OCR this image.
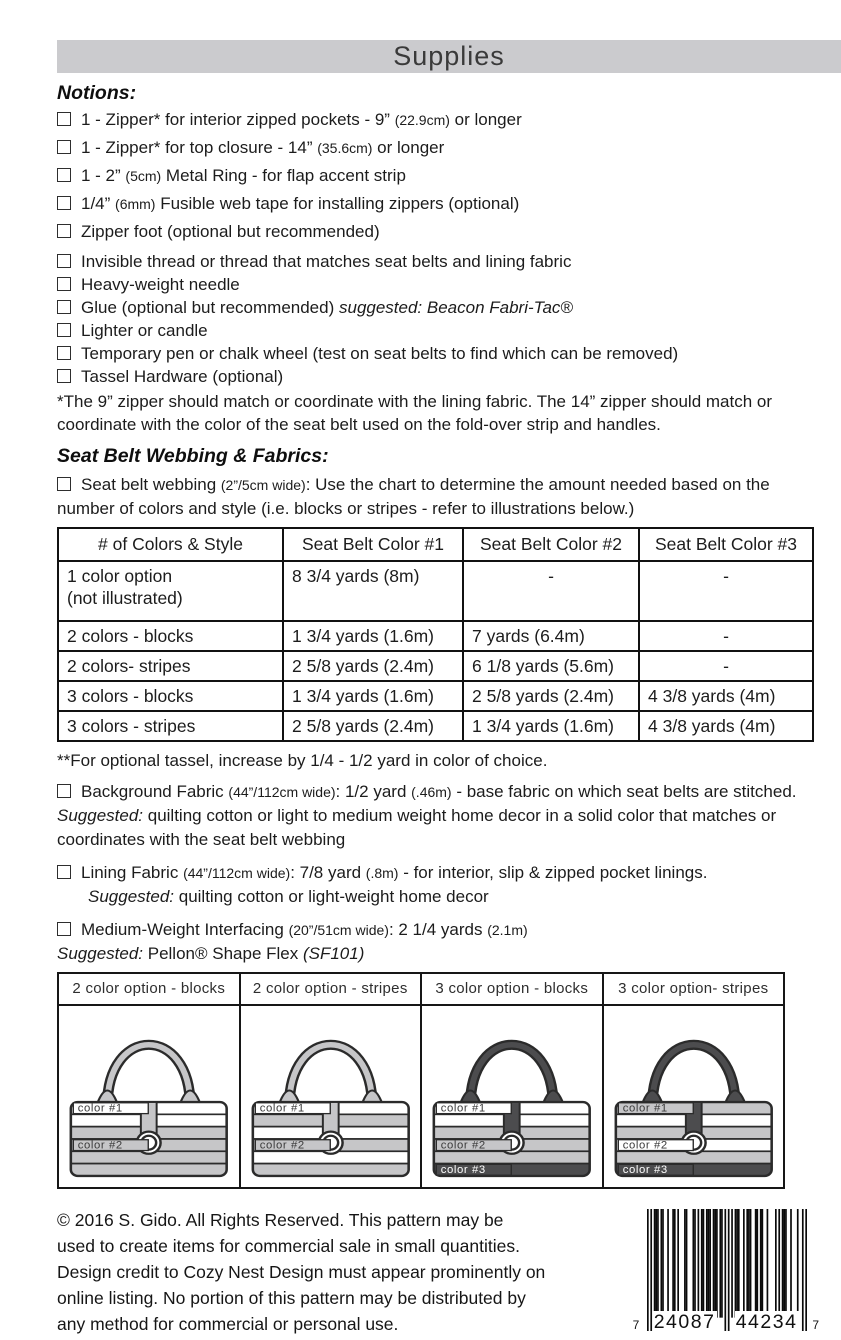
Supplies
Notions:
1 - Zipper* for interior zipped pockets - 9” (22.9cm) or longer
1 - Zipper* for top closure - 14” (35.6cm) or longer
1 - 2” (5cm) Metal Ring - for flap accent strip
1/4” (6mm) Fusible web tape for installing zippers (optional)
Zipper foot (optional but recommended)
Invisible thread or thread that matches seat belts and lining fabric
Heavy-weight needle
Glue (optional but recommended) suggested: Beacon Fabri-Tac®
Lighter or candle
Temporary pen or chalk wheel (test on seat belts to find which can be removed)
Tassel Hardware (optional)
*The 9” zipper should match or coordinate with the lining fabric. The 14” zipper should match or coordinate with the color of the seat belt used on the fold-over strip and handles.
Seat Belt Webbing & Fabrics:
Seat belt webbing (2”/5cm wide): Use the chart to determine the amount needed based on the number of colors and style (i.e. blocks or stripes - refer to illustrations below.)
# of Colors & Style	Seat Belt Color #1	Seat Belt Color #2	Seat Belt Color #3

1 color option
(not illustrated)	8 3/4 yards (8m)	-	-

2 colors - blocks	1 3/4 yards (1.6m)	7 yards (6.4m)	-

2 colors- stripes	2 5/8 yards (2.4m)	6 1/8 yards (5.6m)	-

3 colors - blocks	1 3/4 yards (1.6m)	2 5/8 yards (2.4m)	4 3/8 yards (4m)

3 colors - stripes	2 5/8 yards (2.4m)	1 3/4 yards (1.6m)	4 3/8 yards (4m)
**For optional tassel, increase by 1/4 - 1/2 yard in color of choice.
Background Fabric (44”/112cm wide): 1/2 yard (.46m) - base fabric on which seat belts are stitched. Suggested: quilting cotton or light to medium weight home decor in a solid color that matches or coordinates with the seat belt webbing
Lining Fabric (44”/112cm wide): 7/8 yard (.8m) - for interior, slip & zipped pocket linings.
Suggested: quilting cotton or light-weight home decor
Medium-Weight Interfacing (20”/51cm wide): 2 1/4 yards (2.1m)
Suggested: Pellon® Shape Flex (SF101)
2 color option - blocks
color #1
color #2
2 color option - stripes
color #1
color #2
3 color option - blocks
color #1
color #2
color #3
3 color option- stripes
color #1
color #2
color #3
© 2016 S. Gido. All Rights Reserved. This pattern may be
used to create items for commercial sale in small quantities.
Design credit to Cozy Nest Design must appear prominently on
online listing. No portion of this pattern may be distributed by
any method for commercial or personal use.	7 24087 44234 7
